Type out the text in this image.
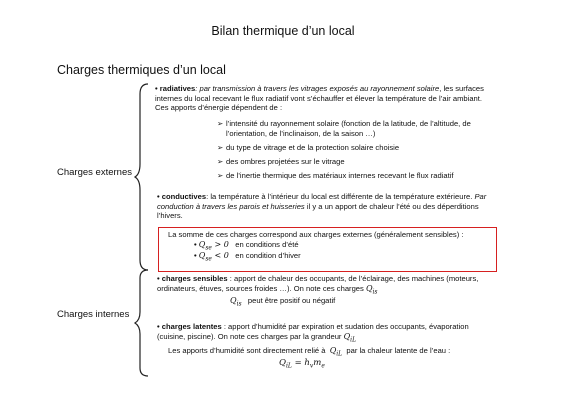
Bilan thermique d’un local
Charges thermiques d’un local
Charges externes
Charges internes
• radiatives: par transmission à travers les vitrages exposés au rayonnement solaire, les surfaces
internes du local recevant le flux radiatif vont s’échauffer et élever la température de l’air ambiant.
Ces apports d’énergie dépendent de :
➢ l’intensité du rayonnement solaire (fonction de la latitude, de l’altitude, de
l’orientation, de l’inclinaison, de la saison …)
➢ du type de vitrage et de la protection solaire choisie
➢ des ombres projetées sur le vitrage
➢ de l’inertie thermique des matériaux internes recevant le flux radiatif
• conductives: la température à l’intérieur du local est différente de la température extérieure. Par
conduction à travers les parois et huisseries il y a un apport de chaleur l’été ou des déperditions
l’hivers.
La somme de ces charges correspond aux charges externes (généralement sensibles) :
• $Q_{se} > 0$ en conditions d’été
• $Q_{se} < 0$ en condition d’hiver
• charges sensibles : apport de chaleur des occupants, de l’éclairage, des machines (moteurs,
ordinateurs, étuves, sources froides …). On note ces charges $Q_{is}$
$Q_{is}$ peut être positif ou négatif
• charges latentes : apport d’humidité par expiration et sudation des occupants, évaporation
(cuisine, piscine). On note ces charges par la grandeur $Q_{iL}$
Les apports d’humidité sont directement relié à $Q_{iL}$ par la chaleur latente de l’eau :
$Q_{iL} = h_vm_e$
